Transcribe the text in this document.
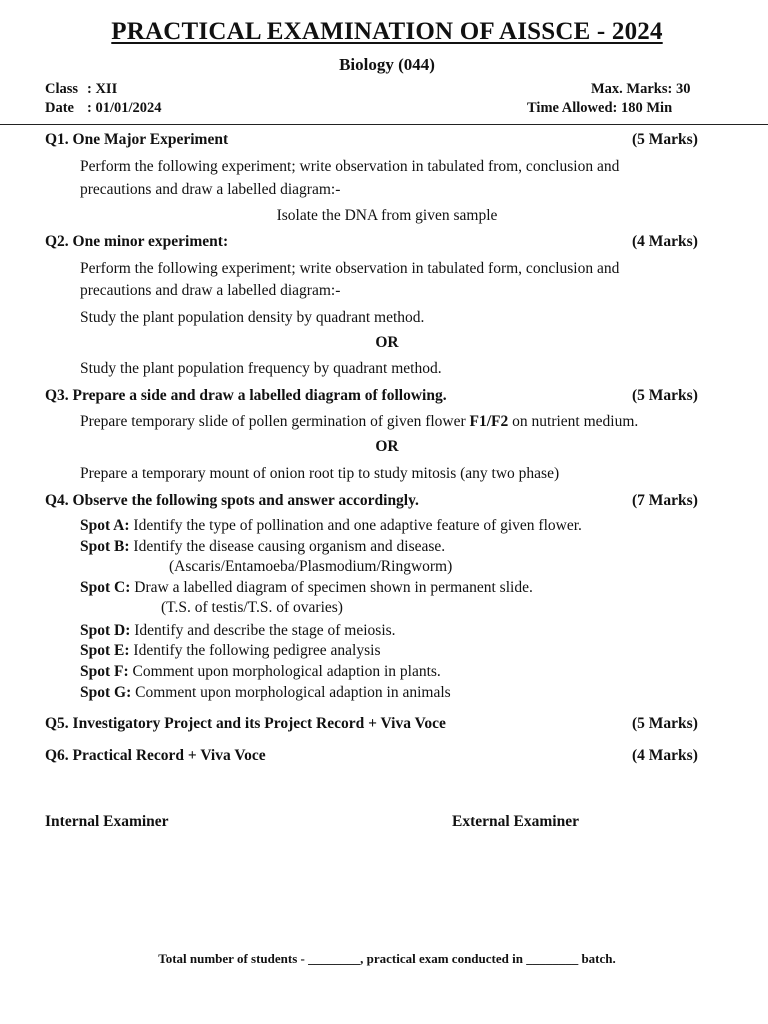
PRACTICAL EXAMINATION OF AISSCE - 2024
Biology (044)
Class : XII
Date : 01/01/2024
Max. Marks: 30
Time Allowed: 180 Min
Q1. One Major Experiment	(5 Marks)
Perform the following experiment; write observation in tabulated from, conclusion and
precautions and draw a labelled diagram:-
Isolate the DNA from given sample
Q2. One minor experiment:	(4 Marks)
Perform the following experiment; write observation in tabulated form, conclusion and
precautions and draw a labelled diagram:-
Study the plant population density by quadrant method.
OR
Study the plant population frequency by quadrant method.
Q3. Prepare a side and draw a labelled diagram of following.	(5 Marks)
Prepare temporary slide of pollen germination of given flower F1/F2 on nutrient medium.
OR
Prepare a temporary mount of onion root tip to study mitosis (any two phase)
Q4. Observe the following spots and answer accordingly.	(7 Marks)
Spot A: Identify the type of pollination and one adaptive feature of given flower.
Spot B: Identify the disease causing organism and disease.
(Ascaris/Entamoeba/Plasmodium/Ringworm)
Spot C: Draw a labelled diagram of specimen shown in permanent slide.
(T.S. of testis/T.S. of ovaries)
Spot D: Identify and describe the stage of meiosis.
Spot E: Identify the following pedigree analysis
Spot F: Comment upon morphological adaption in plants.
Spot G: Comment upon morphological adaption in animals
Q5. Investigatory Project and its Project Record + Viva Voce	(5 Marks)
Q6. Practical Record + Viva Voce	(4 Marks)
Internal Examiner	External Examiner
Total number of students - ________, practical exam conducted in ________ batch.
